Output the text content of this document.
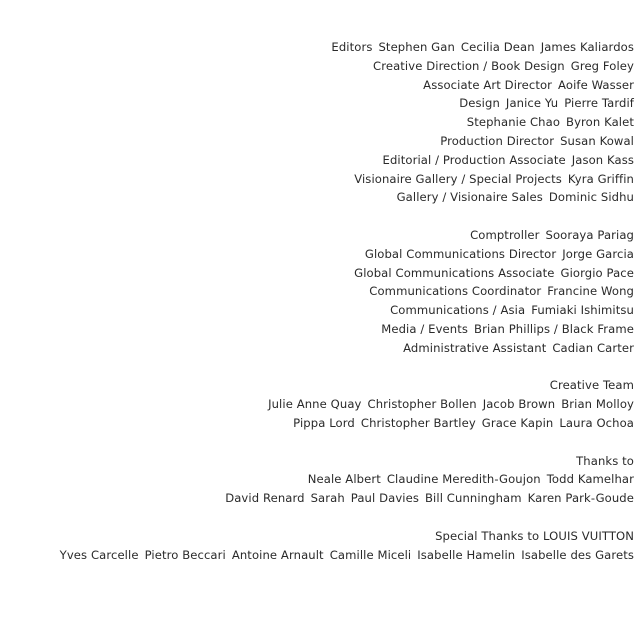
Editors Stephen Gan Cecilia Dean James Kaliardos
Creative Direction / Book Design Greg Foley
Associate Art Director Aoife Wasser
Design Janice Yu Pierre Tardif
Stephanie Chao Byron Kalet
Production Director Susan Kowal
Editorial / Production Associate Jason Kass
Visionaire Gallery / Special Projects Kyra Griffin
Gallery / Visionaire Sales Dominic Sidhu
Comptroller Sooraya Pariag
Global Communications Director Jorge Garcia
Global Communications Associate Giorgio Pace
Communications Coordinator Francine Wong
Communications / Asia Fumiaki Ishimitsu
Media / Events Brian Phillips / Black Frame
Administrative Assistant Cadian Carter
Creative Team
Julie Anne Quay Christopher Bollen Jacob Brown Brian Molloy
Pippa Lord Christopher Bartley Grace Kapin Laura Ochoa
Thanks to
Neale Albert Claudine Meredith-Goujon Todd Kamelhar
David Renard Sarah Paul Davies Bill Cunningham Karen Park-Goude
Special Thanks to LOUIS VUITTON
Yves Carcelle Pietro Beccari Antoine Arnault Camille Miceli Isabelle Hamelin Isabelle des Garets
